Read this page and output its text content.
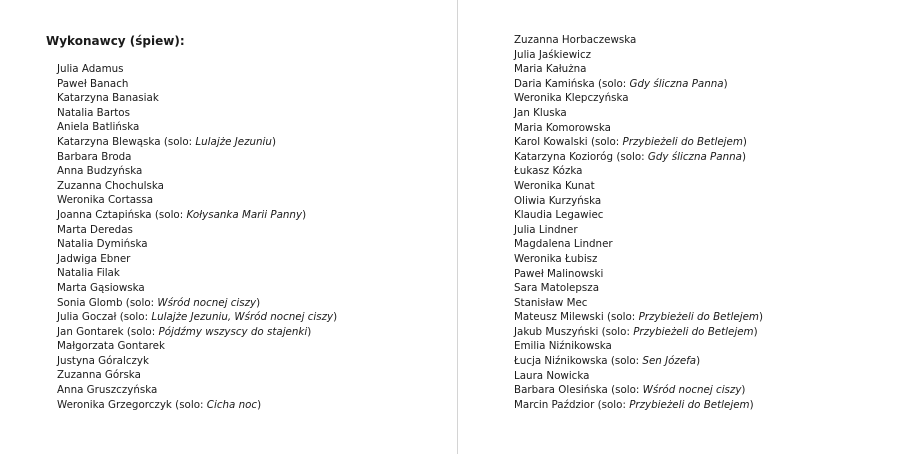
Wykonawcy (śpiew):
Julia Adamus
Paweł Banach
Katarzyna Banasiak
Natalia Bartos
Aniela Batlińska
Katarzyna Blewąska (solo: Lulajże Jezuniu)
Barbara Broda
Anna Budzyńska
Zuzanna Chochulska
Weronika Cortassa
Joanna Cztapińska (solo: Kołysanka Marii Panny)
Marta Deredas
Natalia Dymińska
Jadwiga Ebner
Natalia Filak
Marta Gąsiowska
Sonia Glomb (solo: Wśród nocnej ciszy)
Julia Goczał (solo: Lulajże Jezuniu, Wśród nocnej ciszy)
Jan Gontarek (solo: Pójdźmy wszyscy do stajenki)
Małgorzata Gontarek
Justyna Góralczyk
Zuzanna Górska
Anna Gruszczyńska
Weronika Grzegorczyk (solo: Cicha noc)
Zuzanna Horbaczewska
Julia Jaśkiewicz
Maria Kałużna
Daria Kamińska (solo: Gdy śliczna Panna)
Weronika Klepczyńska
Jan Kluska
Maria Komorowska
Karol Kowalski (solo: Przybieżeli do Betlejem)
Katarzyna Kozioróg (solo: Gdy śliczna Panna)
Łukasz Kózka
Weronika Kunat
Oliwia Kurzyńska
Klaudia Legawiec
Julia Lindner
Magdalena Lindner
Weronika Łubisz
Paweł Malinowski
Sara Matolepsza
Stanisław Mec
Mateusz Milewski (solo: Przybieżeli do Betlejem)
Jakub Muszyński (solo: Przybieżeli do Betlejem)
Emilia Niźnikowska
Łucja Niźnikowska (solo: Sen Józefa)
Laura Nowicka
Barbara Olesińska (solo: Wśród nocnej ciszy)
Marcin Paździor (solo: Przybieżeli do Betlejem)
